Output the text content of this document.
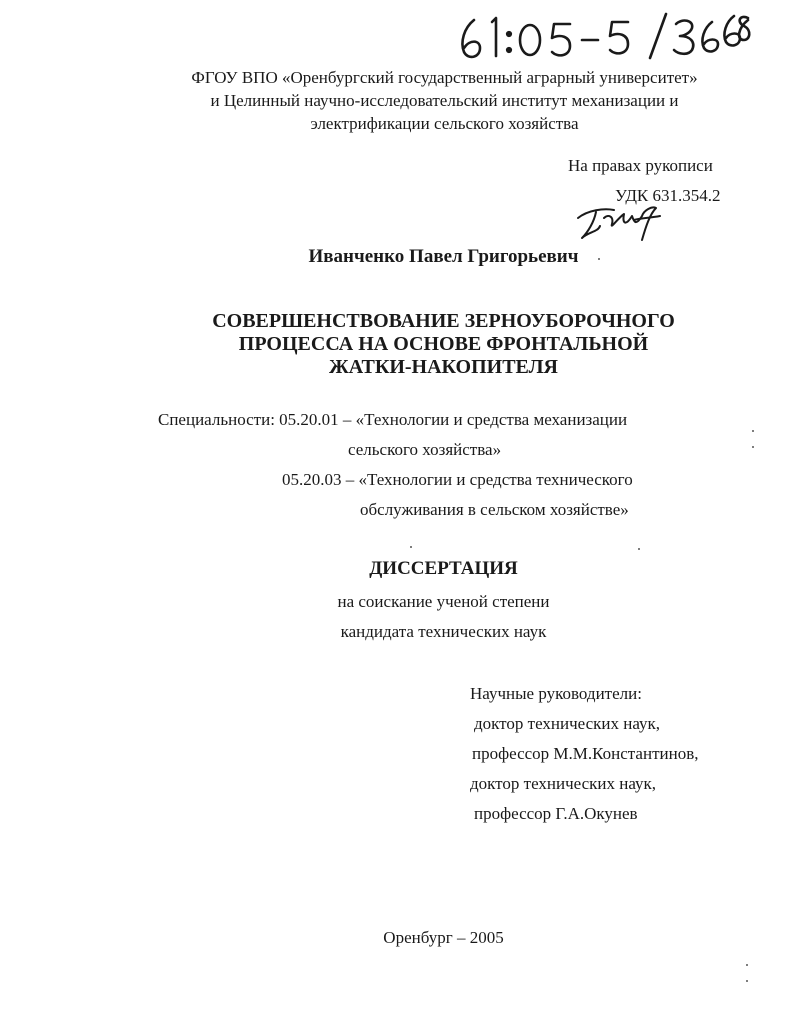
ФГОУ ВПО «Оренбургский государственный аграрный университет»
и Целинный научно-исследовательский институт механизации и
электрификации сельского хозяйства
На правах рукописи
УДК 631.354.2
Иванченко Павел Григорьевич
СОВЕРШЕНСТВОВАНИЕ ЗЕРНОУБОРОЧНОГО
ПРОЦЕССА НА ОСНОВЕ ФРОНТАЛЬНОЙ
ЖАТКИ-НАКОПИТЕЛЯ
Специальности: 05.20.01 – «Технологии и средства механизации
сельского хозяйства»
05.20.03 – «Технологии и средства технического
обслуживания в сельском хозяйстве»
ДИССЕРТАЦИЯ
на соискание ученой степени
кандидата технических наук
Научные руководители:
доктор технических наук,
профессор М.М.Константинов,
доктор технических наук,
профессор Г.А.Окунев
Оренбург – 2005
